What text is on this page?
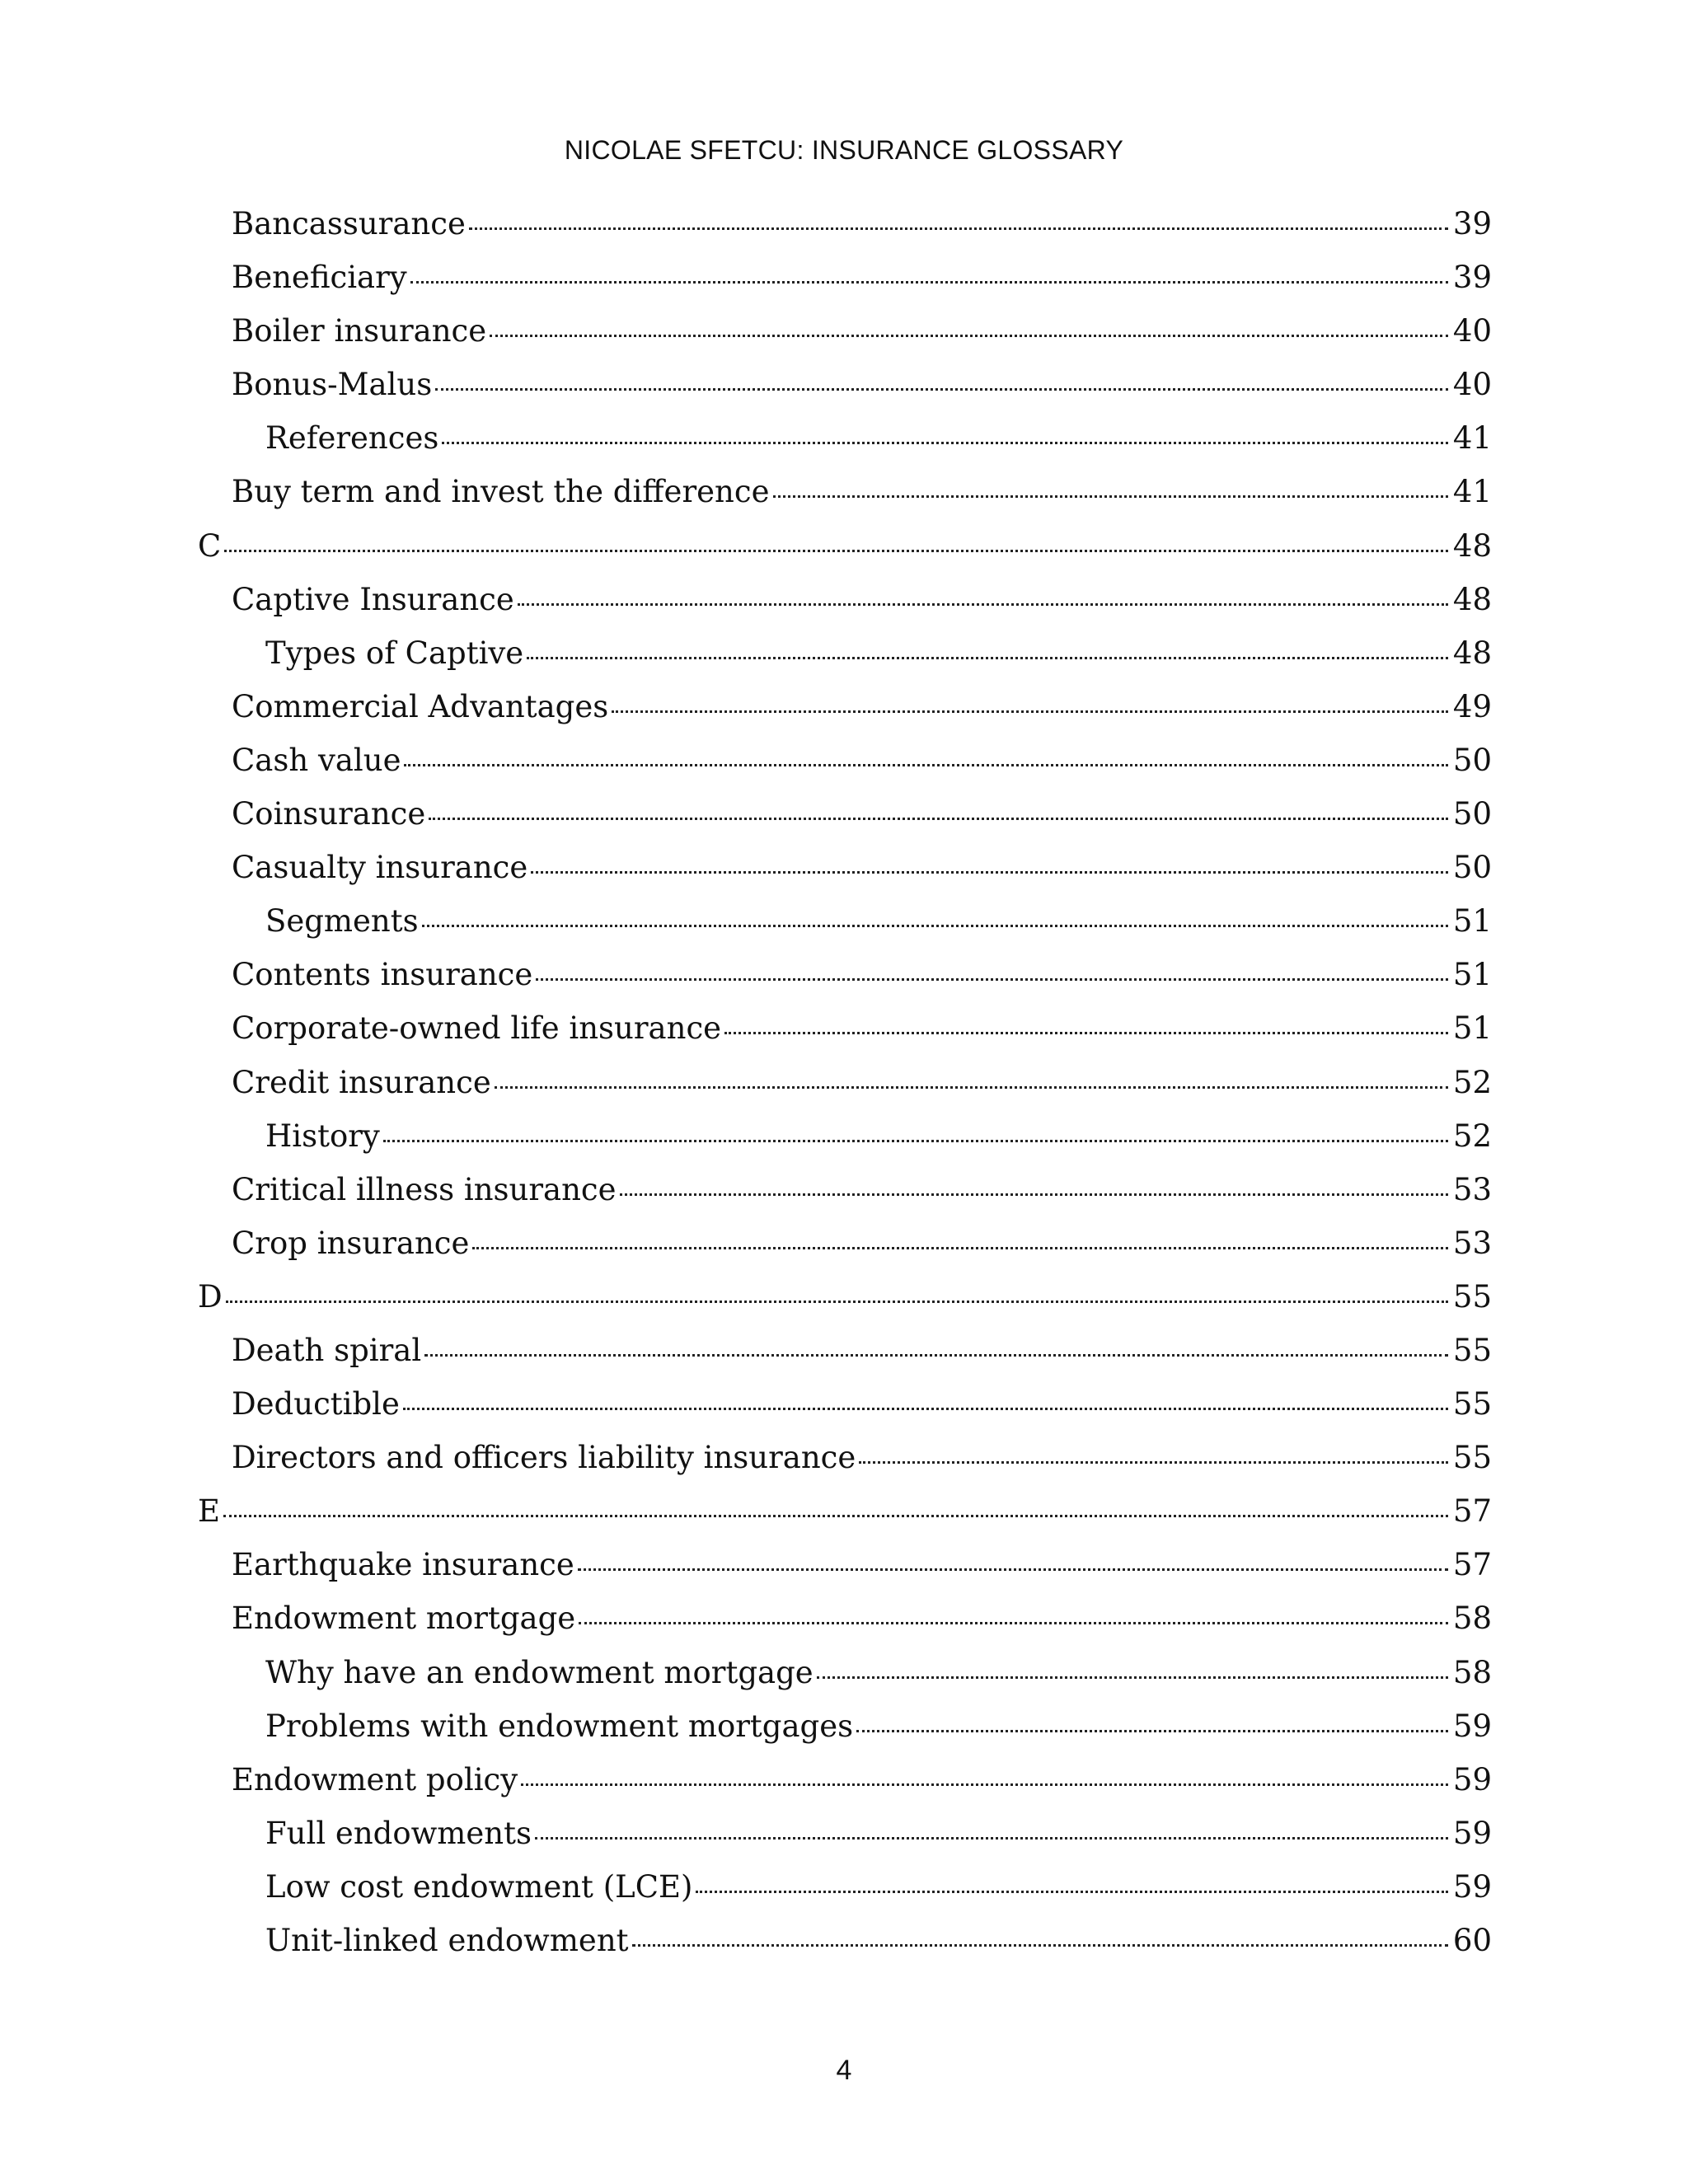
NICOLAE SFETCU: INSURANCE GLOSSARY
Bancassurance	39
Beneficiary	39
Boiler insurance	40
Bonus-Malus	40
References	41
Buy term and invest the difference	41
C	48
Captive Insurance	48
Types of Captive	48
Commercial Advantages	49
Cash value	50
Coinsurance	50
Casualty insurance	50
Segments	51
Contents insurance	51
Corporate-owned life insurance	51
Credit insurance	52
History	52
Critical illness insurance	53
Crop insurance	53
D	55
Death spiral	55
Deductible	55
Directors and officers liability insurance	55
E	57
Earthquake insurance	57
Endowment mortgage	58
Why have an endowment mortgage	58
Problems with endowment mortgages	59
Endowment policy	59
Full endowments	59
Low cost endowment (LCE)	59
Unit-linked endowment	60
4
